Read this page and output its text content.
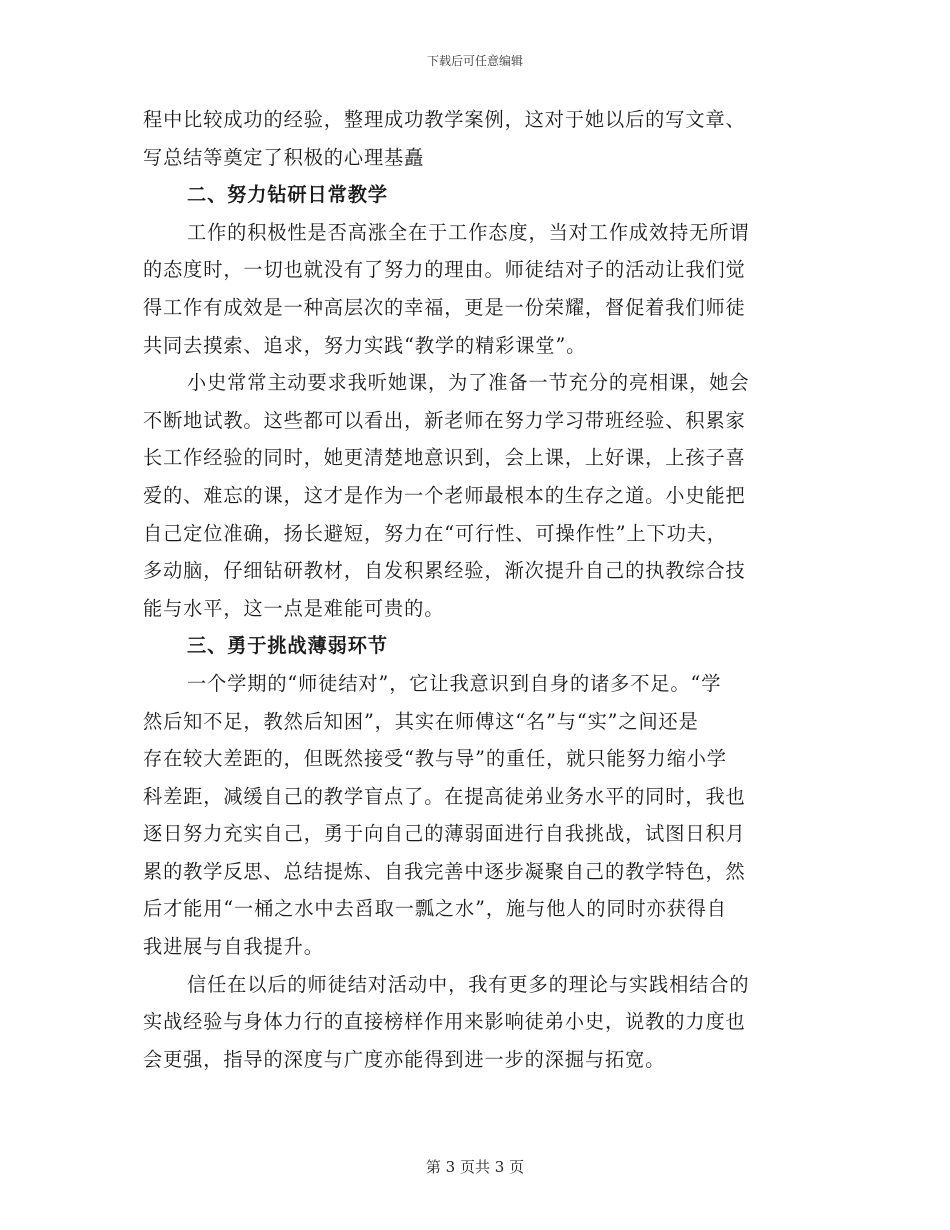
下载后可任意编辑
程中比较成功的经验，整理成功教学案例，这对于她以后的写文章、
写总结等奠定了积极的心理基矗
二、努力钻研日常教学
工作的积极性是否高涨全在于工作态度，当对工作成效持无所谓
的态度时，一切也就没有了努力的理由。师徒结对子的活动让我们觉
得工作有成效是一种高层次的幸福，更是一份荣耀，督促着我们师徒
共同去摸索、追求，努力实践“教学的精彩课堂”。
小史常常主动要求我听她课，为了准备一节充分的亮相课，她会
不断地试教。这些都可以看出，新老师在努力学习带班经验、积累家
长工作经验的同时，她更清楚地意识到，会上课，上好课，上孩子喜
爱的、难忘的课，这才是作为一个老师最根本的生存之道。小史能把
自己定位准确，扬长避短，努力在“可行性、可操作性”上下功夫，
多动脑，仔细钻研教材，自发积累经验，渐次提升自己的执教综合技
能与水平，这一点是难能可贵的。
三、勇于挑战薄弱环节
一个学期的“师徒结对”，它让我意识到自身的诸多不足。“学
然后知不足，教然后知困”，其实在师傅这“名”与“实”之间还是
存在较大差距的，但既然接受“教与导”的重任，就只能努力缩小学
科差距，减缓自己的教学盲点了。在提高徒弟业务水平的同时，我也
逐日努力充实自己，勇于向自己的薄弱面进行自我挑战，试图日积月
累的教学反思、总结提炼、自我完善中逐步凝聚自己的教学特色，然
后才能用“一桶之水中去舀取一瓢之水”，施与他人的同时亦获得自
我进展与自我提升。
信任在以后的师徒结对活动中，我有更多的理论与实践相结合的
实战经验与身体力行的直接榜样作用来影响徒弟小史，说教的力度也
会更强，指导的深度与广度亦能得到进一步的深掘与拓宽。
第 3 页共 3 页
